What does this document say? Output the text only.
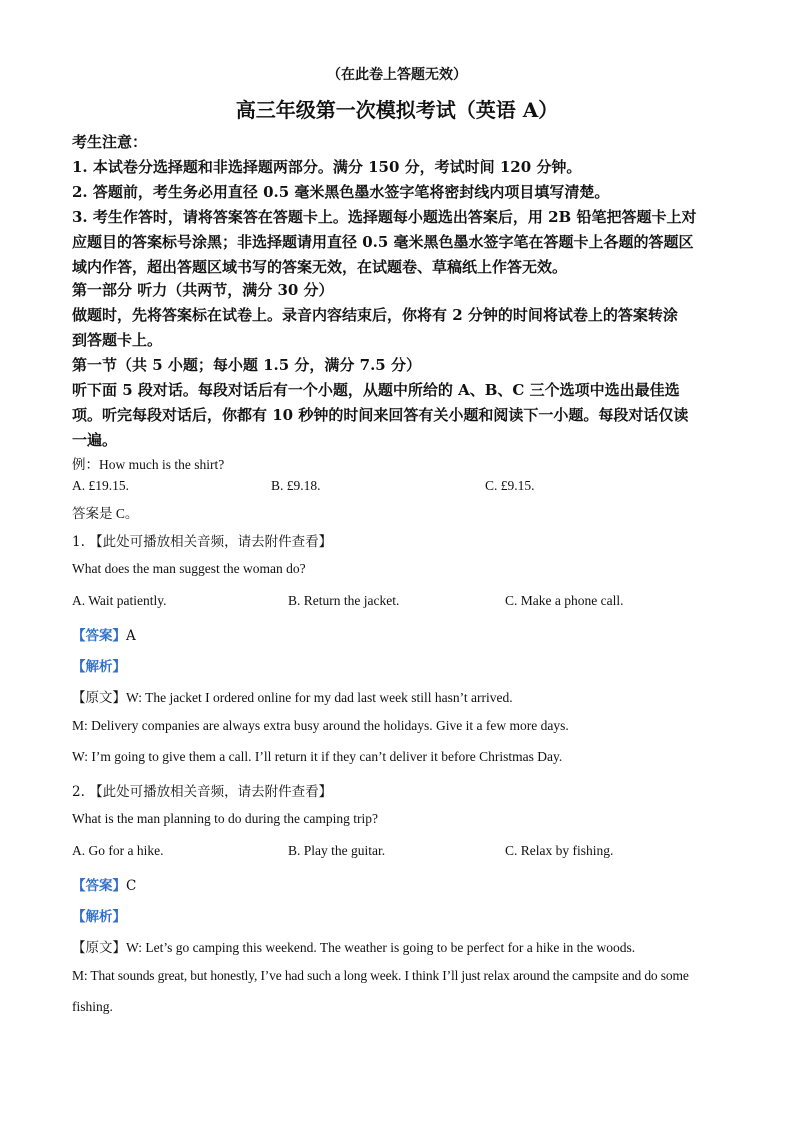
（在此卷上答题无效）
高三年级第一次模拟考试（英语 A）
考生注意：
1. 本试卷分选择题和非选择题两部分。满分 150 分，考试时间 120 分钟。
2. 答题前，考生务必用直径 0.5 毫米黑色墨水签字笔将密封线内项目填写清楚。
3. 考生作答时，请将答案答在答题卡上。选择题每小题选出答案后，用 2B 铅笔把答题卡上对
应题目的答案标号涂黑；非选择题请用直径 0.5 毫米黑色墨水签字笔在答题卡上各题的答题区
域内作答，超出答题区域书写的答案无效，在试题卷、草稿纸上作答无效。
第一部分 听力（共两节，满分 30 分）
做题时，先将答案标在试卷上。录音内容结束后，你将有 2 分钟的时间将试卷上的答案转涂
到答题卡上。
第一节（共 5 小题；每小题 1.5 分，满分 7.5 分）
听下面 5 段对话。每段对话后有一个小题，从题中所给的 A、B、C 三个选项中选出最佳选
项。听完每段对话后，你都有 10 秒钟的时间来回答有关小题和阅读下一小题。每段对话仅读
一遍。
例：How much is the shirt?
A. £19.15.	B. £9.18.	C. £9.15.
答案是 C。
1. 【此处可播放相关音频，请去附件查看】
What does the man suggest the woman do?
A. Wait patiently.	B. Return the jacket.	C. Make a phone call.
【答案】A
【解析】
【原文】W: The jacket I ordered online for my dad last week still hasn’t arrived.
M: Delivery companies are always extra busy around the holidays. Give it a few more days.
W: I’m going to give them a call. I’ll return it if they can’t deliver it before Christmas Day.
2. 【此处可播放相关音频，请去附件查看】
What is the man planning to do during the camping trip?
A. Go for a hike.	B. Play the guitar.	C. Relax by fishing.
【答案】C
【解析】
【原文】W: Let’s go camping this weekend. The weather is going to be perfect for a hike in the woods.
M: That sounds great, but honestly, I’ve had such a long week. I think I’ll just relax around the campsite and do some
fishing.
